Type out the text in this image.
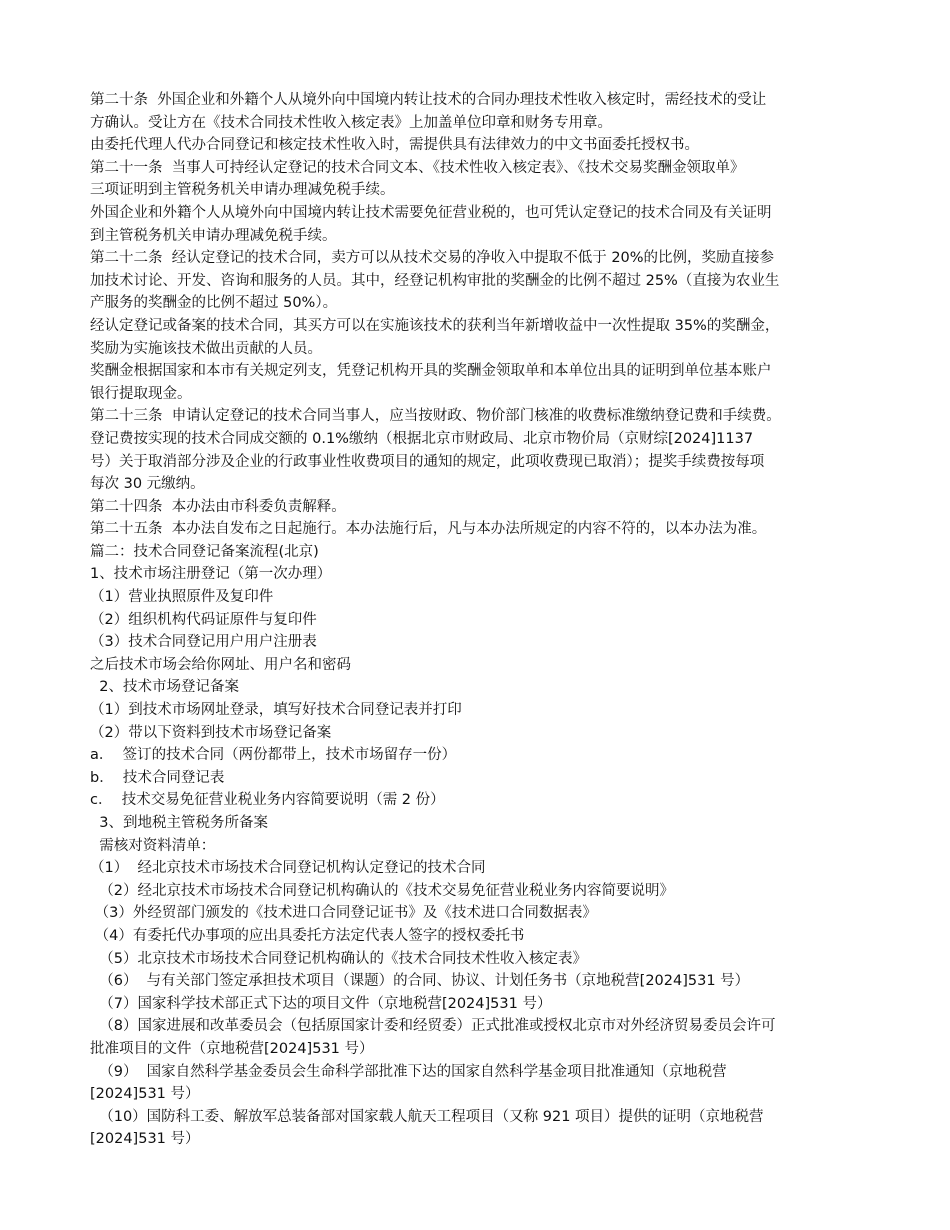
第二十条  外国企业和外籍个人从境外向中国境内转让技术的合同办理技术性收入核定时，需经技术的受让
方确认。受让方在《技术合同技术性收入核定表》上加盖单位印章和财务专用章。
由委托代理人代办合同登记和核定技术性收入时，需提供具有法律效力的中文书面委托授权书。
第二十一条  当事人可持经认定登记的技术合同文本、《技术性收入核定表》、《技术交易奖酬金领取单》
三项证明到主管税务机关申请办理减免税手续。
外国企业和外籍个人从境外向中国境内转让技术需要免征营业税的，也可凭认定登记的技术合同及有关证明
到主管税务机关申请办理减免税手续。
第二十二条  经认定登记的技术合同，卖方可以从技术交易的净收入中提取不低于 20%的比例，奖励直接参
加技术讨论、开发、咨询和服务的人员。其中，经登记机构审批的奖酬金的比例不超过 25%（直接为农业生
产服务的奖酬金的比例不超过 50%）。
经认定登记或备案的技术合同，其买方可以在实施该技术的获利当年新增收益中一次性提取 35%的奖酬金，
奖励为实施该技术做出贡献的人员。
奖酬金根据国家和本市有关规定列支，凭登记机构开具的奖酬金领取单和本单位出具的证明到单位基本账户
银行提取现金。
第二十三条  申请认定登记的技术合同当事人，应当按财政、物价部门核准的收费标准缴纳登记费和手续费。
登记费按实现的技术合同成交额的 0.1%缴纳（根据北京市财政局、北京市物价局（京财综[2024]1137
号）关于取消部分涉及企业的行政事业性收费项目的通知的规定，此项收费现已取消）；提奖手续费按每项
每次 30 元缴纳。
第二十四条  本办法由市科委负责解释。
第二十五条  本办法自发布之日起施行。本办法施行后，凡与本办法所规定的内容不符的，以本办法为准。
篇二：技术合同登记备案流程(北京)
1、技术市场注册登记（第一次办理）
（1）营业执照原件及复印件
（2）组织机构代码证原件与复印件
（3）技术合同登记用户用户注册表
之后技术市场会给你网址、用户名和密码
2、技术市场登记备案
（1）到技术市场网址登录，填写好技术合同登记表并打印
（2）带以下资料到技术市场登记备案
a．  签订的技术合同（两份都带上，技术市场留存一份）
b．  技术合同登记表
c．  技术交易免征营业税业务内容简要说明（需 2 份）
3、到地税主管税务所备案
需核对资料清单：
（1）  经北京技术市场技术合同登记机构认定登记的技术合同
（2）经北京技术市场技术合同登记机构确认的《技术交易免征营业税业务内容简要说明》
（3）外经贸部门颁发的《技术进口合同登记证书》及《技术进口合同数据表》
（4）有委托代办事项的应出具委托方法定代表人签字的授权委托书
（5）北京技术市场技术合同登记机构确认的《技术合同技术性收入核定表》
（6）  与有关部门签定承担技术项目（课题）的合同、协议、计划任务书（京地税营[2024]531 号）
（7）国家科学技术部正式下达的项目文件（京地税营[2024]531 号）
（8）国家进展和改革委员会（包括原国家计委和经贸委）正式批准或授权北京市对外经济贸易委员会许可
批准项目的文件（京地税营[2024]531 号）
（9）  国家自然科学基金委员会生命科学部批准下达的国家自然科学基金项目批准通知（京地税营
[2024]531 号）
（10）国防科工委、解放军总装备部对国家载人航天工程项目（又称 921 项目）提供的证明（京地税营
[2024]531 号）
